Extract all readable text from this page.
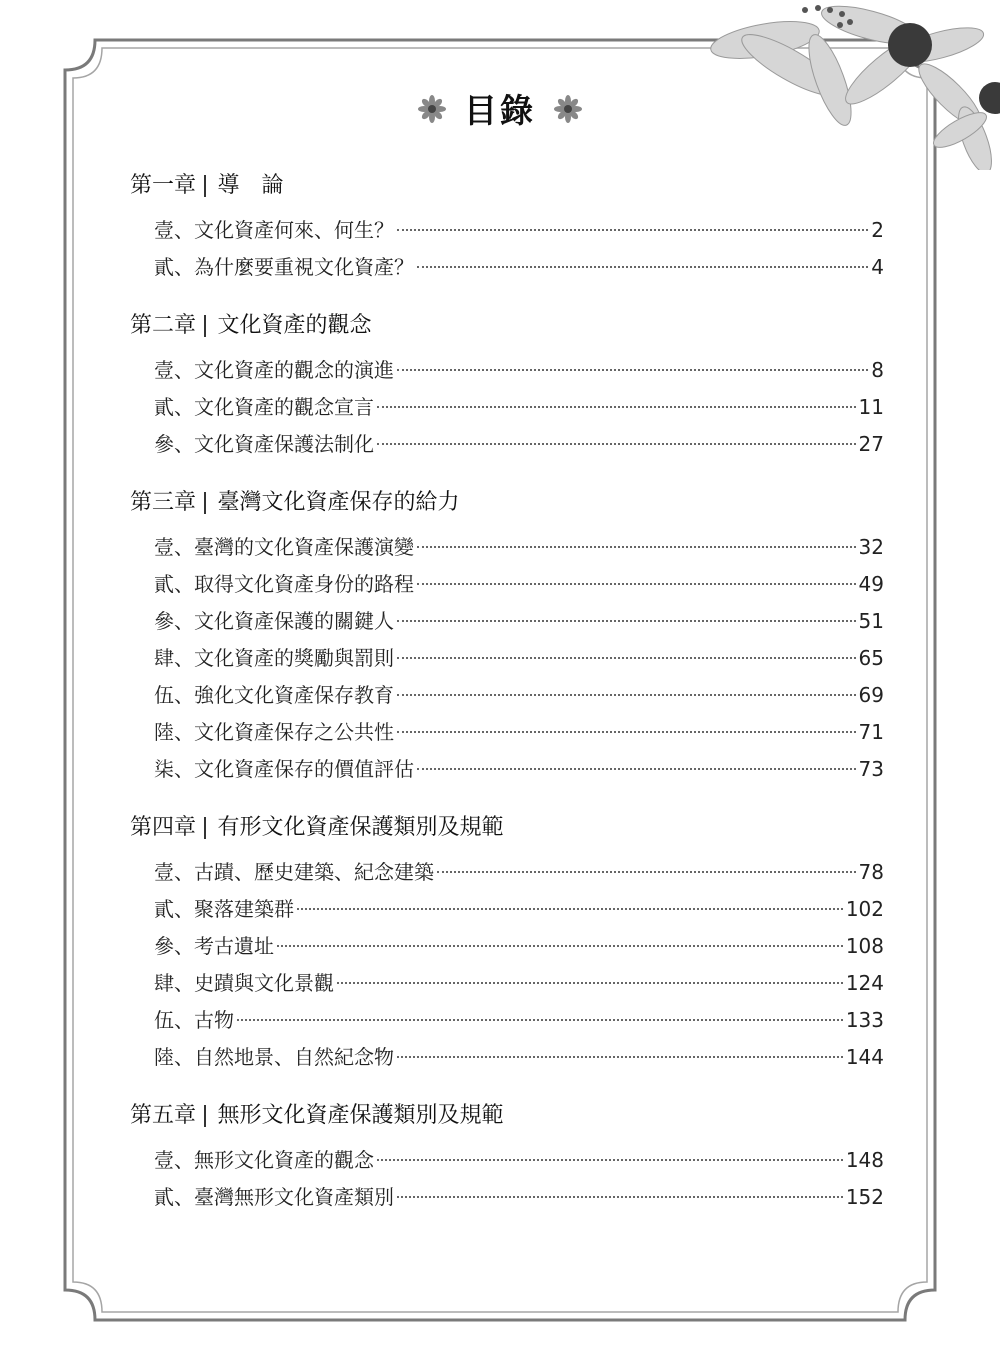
目錄
第一章 導　論
壹、文化資產何來、何生？	2
貳、為什麼要重視文化資產？	4
第二章 文化資產的觀念
壹、文化資產的觀念的演進	8
貳、文化資產的觀念宣言	11
參、文化資產保護法制化	27
第三章 臺灣文化資產保存的給力
壹、臺灣的文化資產保護演變	32
貳、取得文化資產身份的路程	49
參、文化資產保護的關鍵人	51
肆、文化資產的獎勵與罰則	65
伍、強化文化資產保存教育	69
陸、文化資產保存之公共性	71
柒、文化資產保存的價值評估	73
第四章 有形文化資產保護類別及規範
壹、古蹟、歷史建築、紀念建築	78
貳、聚落建築群	102
參、考古遺址	108
肆、史蹟與文化景觀	124
伍、古物	133
陸、自然地景、自然紀念物	144
第五章 無形文化資產保護類別及規範
壹、無形文化資產的觀念	148
貳、臺灣無形文化資產類別	152
